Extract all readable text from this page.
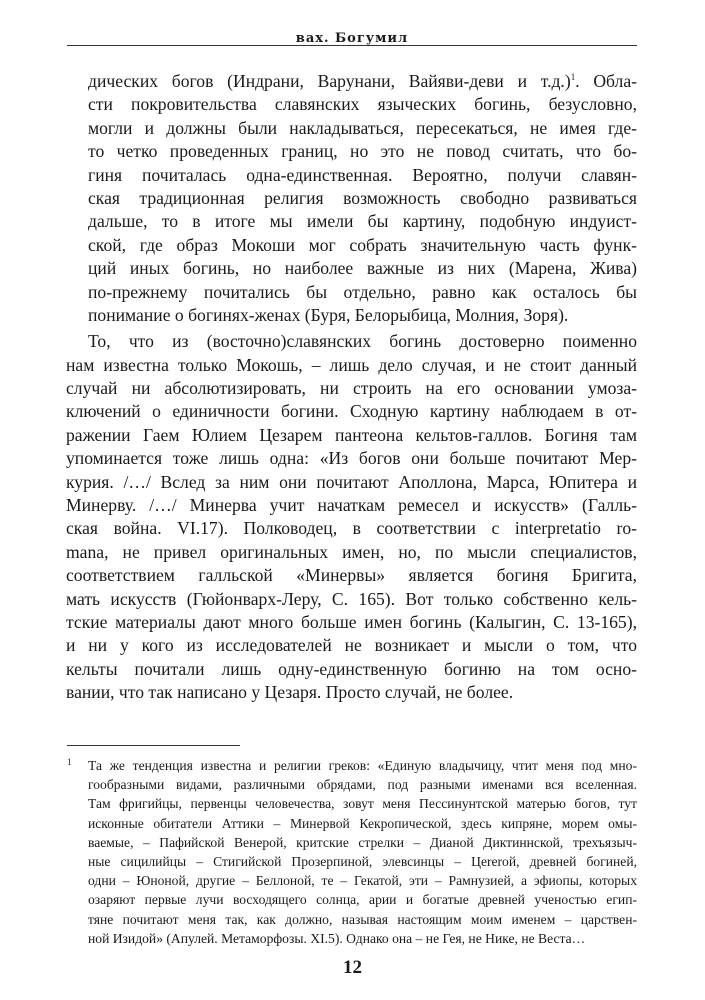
вах. Богумил
дических богов (Индрани, Варунани, Вайяви-деви и т.д.)$^1$. Обла-
сти покровительства славянских языческих богинь, безусловно,
могли и должны были накладываться, пересекаться, не имея где-
то четко проведенных границ, но это не повод считать, что бо-
гиня почиталась одна-единственная. Вероятно, получи славян-
ская традиционная религия возможность свободно развиваться
дальше, то в итоге мы имели бы картину, подобную индуист-
ской, где образ Мокоши мог собрать значительную часть функ-
ций иных богинь, но наиболее важные из них (Марена, Жива)
по-прежнему почитались бы отдельно, равно как осталось бы
понимание о богинях-женах (Буря, Белорыбица, Молния, Зоря).
То, что из (восточно)славянских богинь достоверно поименно
нам известна только Мокошь, – лишь дело случая, и не стоит данный
случай ни абсолютизировать, ни строить на его основании умоза-
ключений о единичности богини. Сходную картину наблюдаем в от-
ражении Гаем Юлием Цезарем пантеона кельтов-галлов. Богиня там
упоминается тоже лишь одна: «Из богов они больше почитают Мер-
курия. /…/ Вслед за ним они почитают Аполлона, Марса, Юпитера и
Минерву. /…/ Минерва учит начаткам ремесел и искусств» (Галль-
ская война. VI.17). Полководец, в соответствии с interpretatio ro-
mana, не привел оригинальных имен, но, по мысли специалистов,
соответствием галльской «Минервы» является богиня Бригита,
мать искусств (Гюйонварх-Леру, С. 165). Вот только собственно кель-
тские материалы дают много больше имен богинь (Калыгин, С. 13-165),
и ни у кого из исследователей не возникает и мысли о том, что
кельты почитали лишь одну-единственную богиню на том осно-
вании, что так написано у Цезаря. Просто случай, не более.
1 Та же тенденция известна и религии греков: «Единую владычицу, чтит меня под мно-
гообразными видами, различными обрядами, под разными именами вся вселенная.
Там фригийцы, первенцы человечества, зовут меня Пессинунтской матерью богов, тут
исконные обитатели Аттики – Минервой Кекропической, здесь кипряне, морем омы-
ваемые, – Пафийской Венерой, критские стрелки – Дианой Диктиннской, трехъязыч-
ные сицилийцы – Стигийской Прозерпиной, элевсинцы – Цererой, древней богиней,
одни – Юноной, другие – Беллоной, те – Гекатой, эти – Рамнузией, а эфиопы, которых
озаряют первые лучи восходящего солнца, арии и богатые древней ученостью егип-
тяне почитают меня так, как должно, называя настоящим моим именем – царствен-
ной Изидой» (Апулей. Метаморфозы. XI.5). Однако она – не Гея, не Нике, не Веста…
12
